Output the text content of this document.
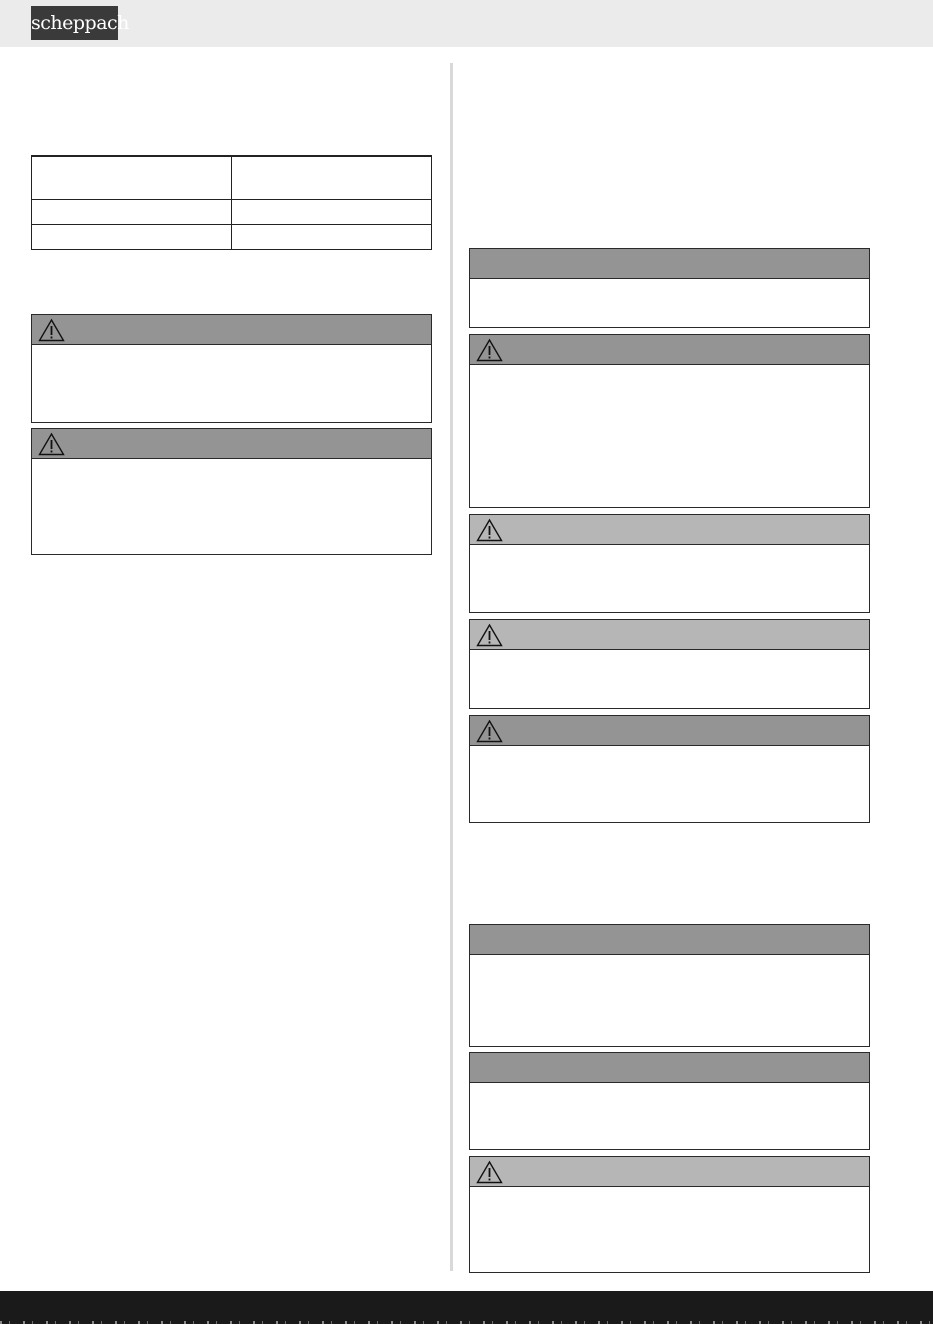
scheppach
